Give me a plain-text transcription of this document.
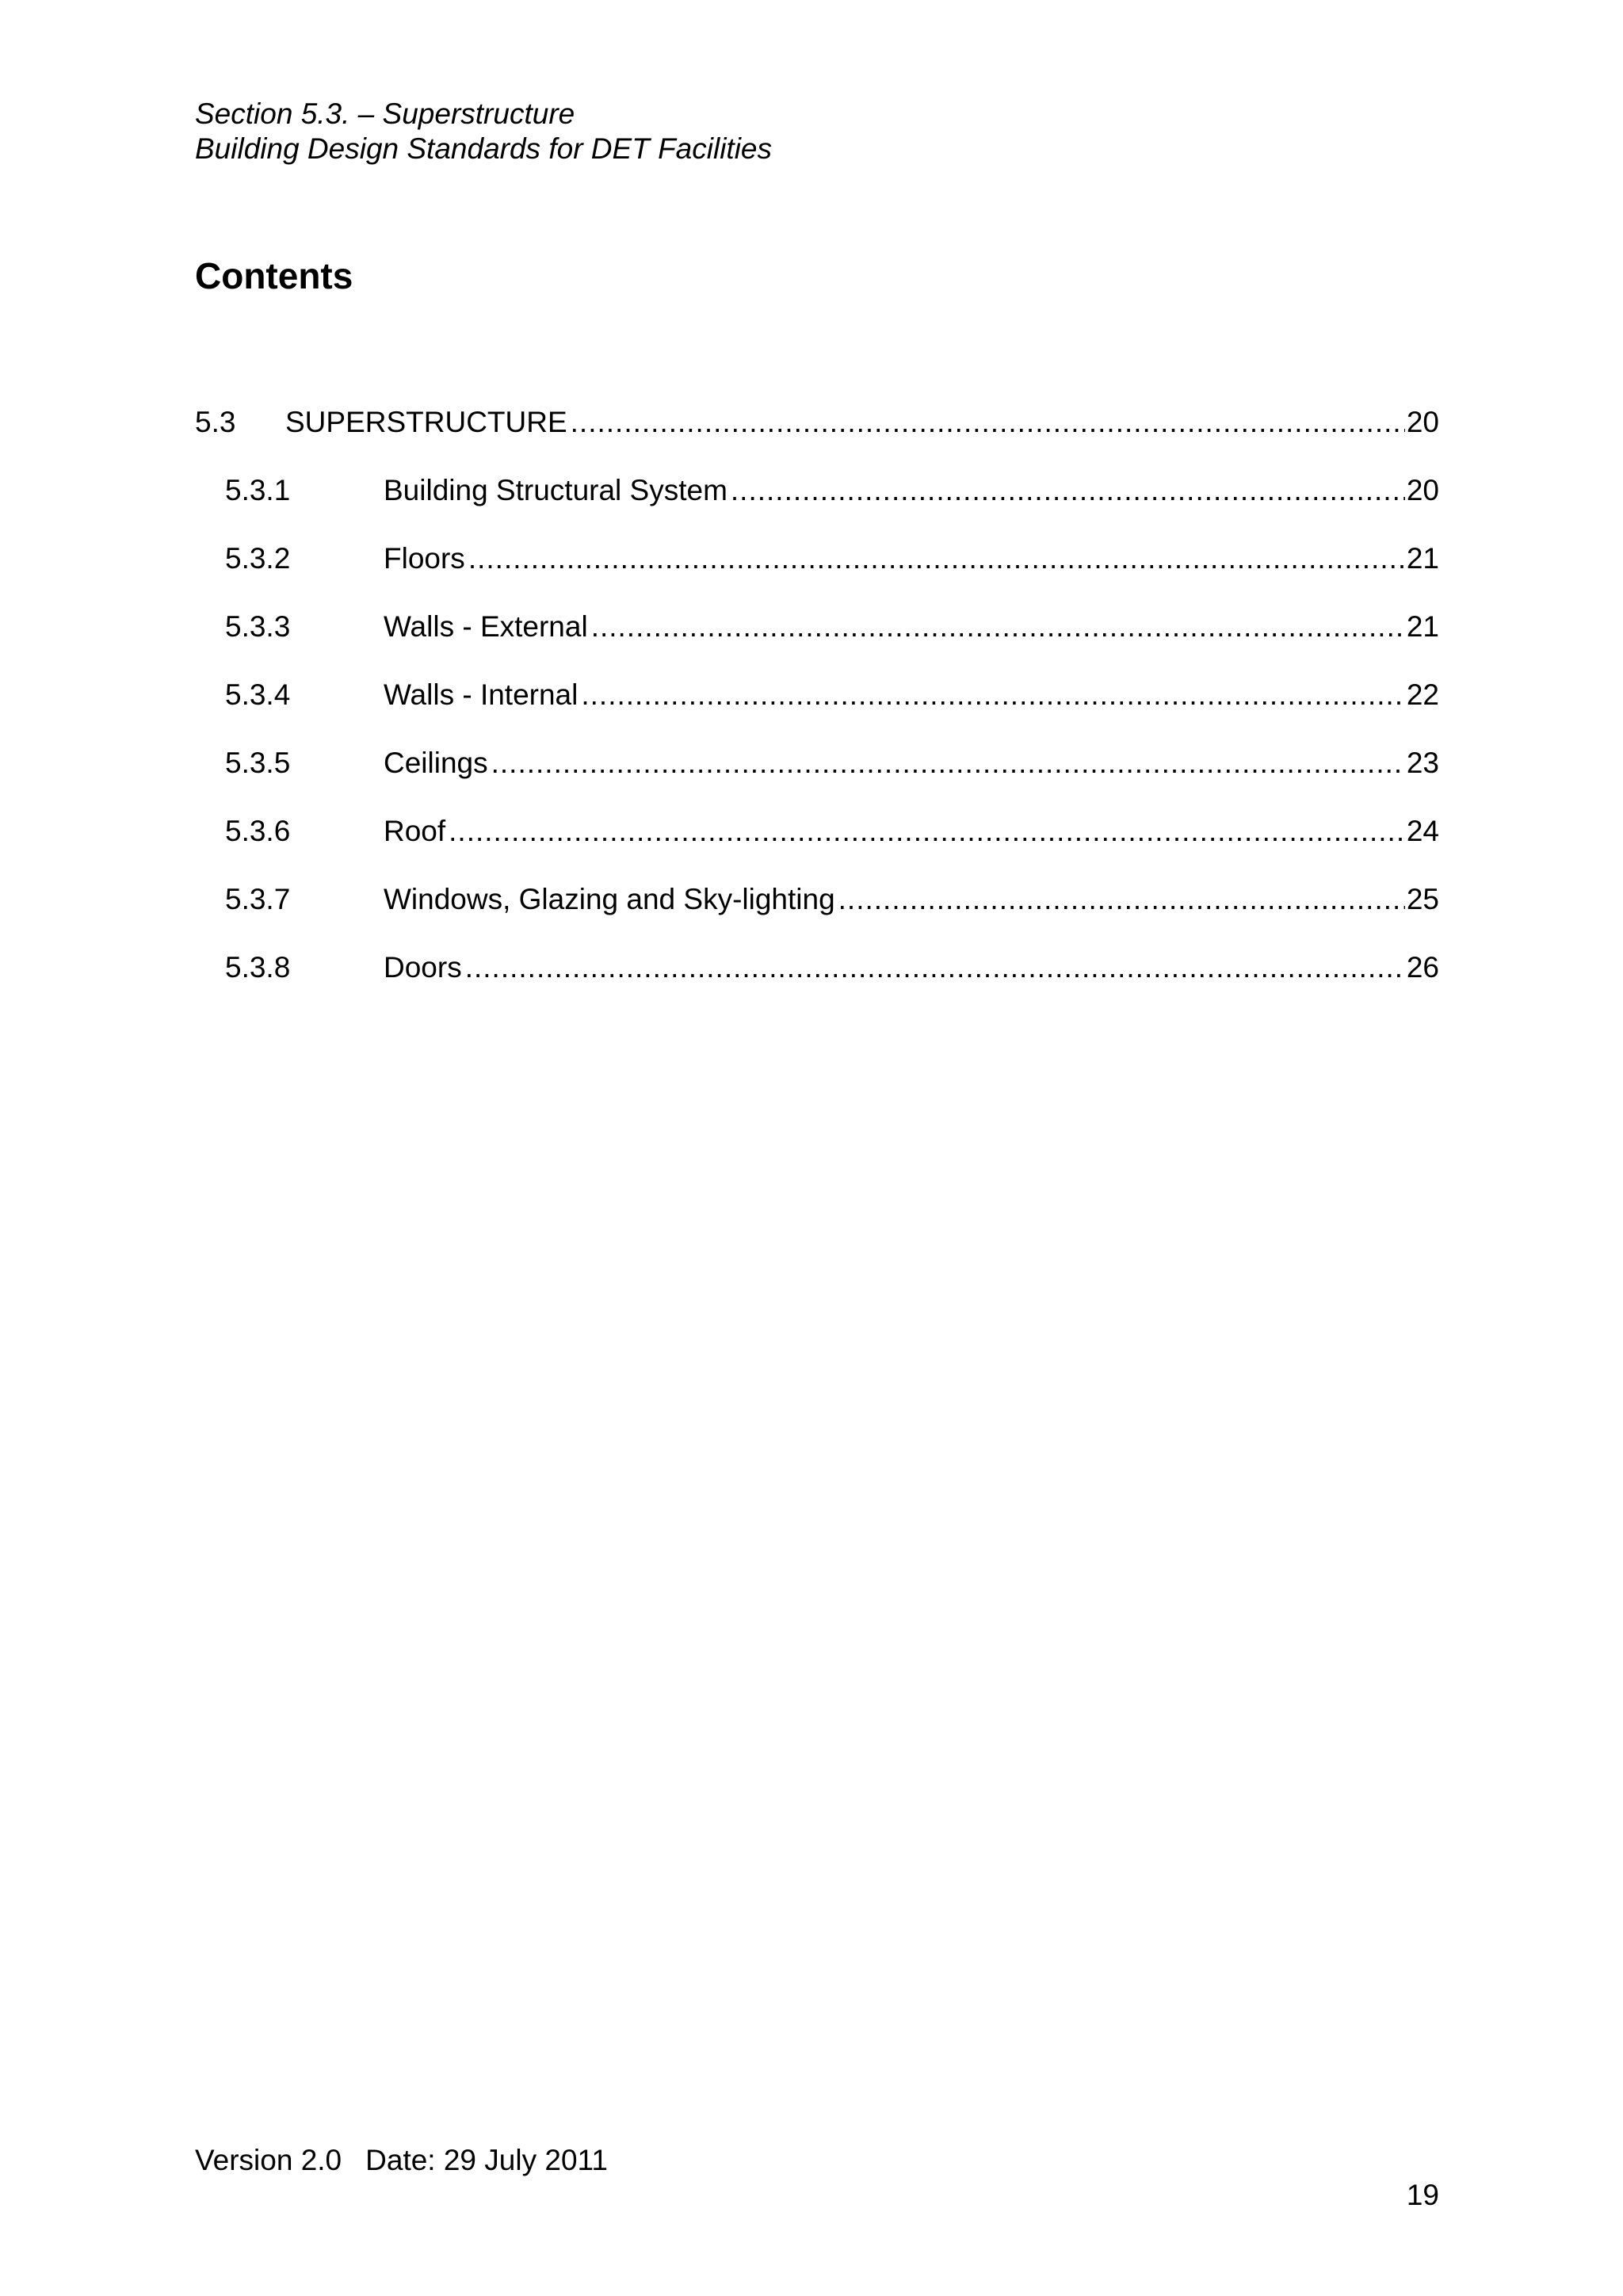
Section 5.3. – Superstructure
Building Design Standards for DET Facilities
Contents
5.3	SUPERSTRUCTURE .....	20
5.3.1	Building Structural System .....	20
5.3.2	Floors .....	21
5.3.3	Walls - External .....	21
5.3.4	Walls - Internal .....	22
5.3.5	Ceilings .....	23
5.3.6	Roof .....	24
5.3.7	Windows, Glazing and Sky-lighting .....	25
5.3.8	Doors .....	26
Version 2.0 Date: 29 July 2011
19
